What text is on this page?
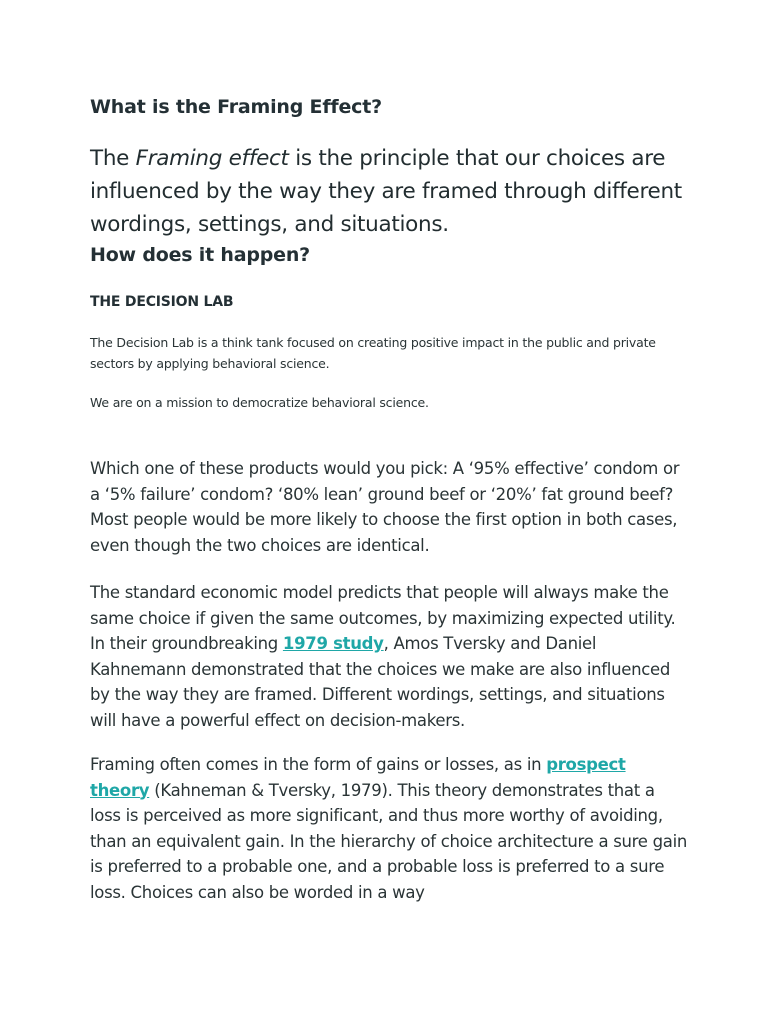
What is the Framing Effect?

The Framing effect is the principle that our choices are influenced by the way they are framed through different wordings, settings, and situations.

How does it happen?
THE DECISION LAB

The Decision Lab is a think tank focused on creating positive impact in the public and private sectors by applying behavioral science.

We are on a mission to democratize behavioral science.

Which one of these products would you pick: A ‘95% effective’ condom or a ‘5% failure’ condom? ‘80% lean’ ground beef or ‘20%’ fat ground beef? Most people would be more likely to choose the first option in both cases, even though the two choices are identical.

The standard economic model predicts that people will always make the same choice if given the same outcomes, by maximizing expected utility. In their groundbreaking 1979 study, Amos Tversky and Daniel Kahnemann demonstrated that the choices we make are also influenced by the way they are framed. Different wordings, settings, and situations will have a powerful effect on decision-makers.

Framing often comes in the form of gains or losses, as in prospect theory (Kahneman & Tversky, 1979). This theory demonstrates that a loss is perceived as more significant, and thus more worthy of avoiding, than an equivalent gain. In the hierarchy of choice architecture a sure gain is preferred to a probable one, and a probable loss is preferred to a sure loss. Choices can also be worded in a way
